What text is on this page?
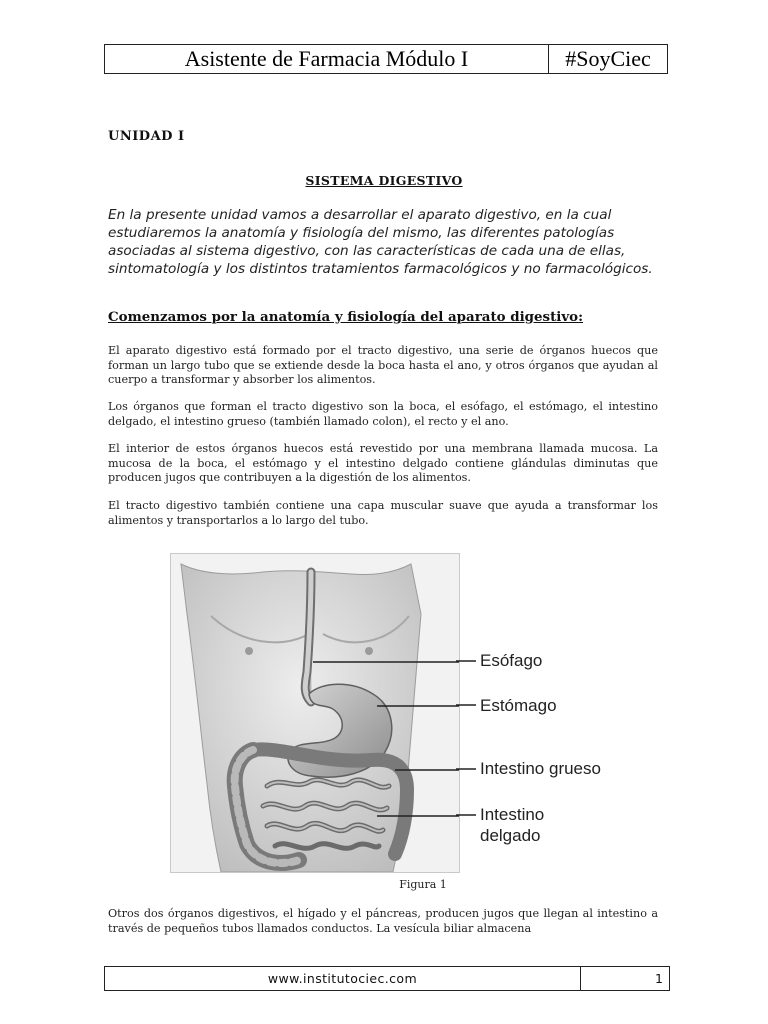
Asistente de Farmacia Módulo I	#SoyCiec
UNIDAD I
SISTEMA DIGESTIVO
En la presente unidad vamos a desarrollar el aparato digestivo, en la cual estudiaremos la anatomía y fisiología del mismo, las diferentes patologías asociadas al sistema digestivo, con las características de cada una de ellas, sintomatología y los distintos tratamientos farmacológicos y no farmacológicos.
Comenzamos por la anatomía y fisiología del aparato digestivo:
El aparato digestivo está formado por el tracto digestivo, una serie de órganos huecos que forman un largo tubo que se extiende desde la boca hasta el ano, y otros órganos que ayudan al cuerpo a transformar y absorber los alimentos.
Los órganos que forman el tracto digestivo son la boca, el esófago, el estómago, el intestino delgado, el intestino grueso (también llamado colon), el recto y el ano.
El interior de estos órganos huecos está revestido por una membrana llamada mucosa. La mucosa de la boca, el estómago y el intestino delgado contiene glándulas diminutas que producen jugos que contribuyen a la digestión de los alimentos.
El tracto digestivo también contiene una capa muscular suave que ayuda a transformar los alimentos y transportarlos a lo largo del tubo.
Esófago
Estómago
Intestino grueso
Intestino
delgado
Figura 1
Otros dos órganos digestivos, el hígado y el páncreas, producen jugos que llegan al intestino a través de pequeños tubos llamados conductos. La vesícula biliar almacena
www.institutociec.com	1
